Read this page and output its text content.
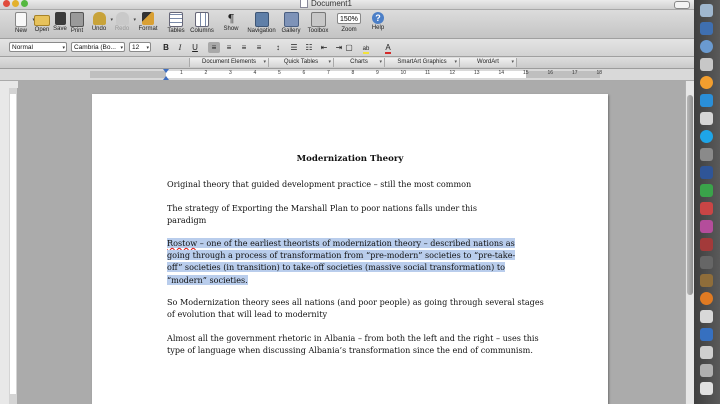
Document1
New	Open Save Print	Undo
▾
Redo
▾
Format Tables Columns
¶
Show	Navigation Gallery	Toolbox
150%
Zoom
?
Help
Normal	▾	Cambria (Bo... ▾	12 ▾	B	I	U	≡	≡	≡	≡	↕	☰ ☷	⇤	⇥ ▢	ab	A
Document Elements ▾	Quick Tables ▾	Charts ▾	SmartArt Graphics ▾	WordArt	▾
1	2	3	4	5	6	7	8	9	10	11	12	13	14	15	16	17	18
Modernization Theory
Original theory that guided development practice – still the most common
The strategy of Exporting the Marshall Plan to poor nations falls under this paradigm
Rostow – one of the earliest theorists of modernization theory – described nations as going through a process of transformation from “pre-modern” societies to “pre-take-off” societies (in transition) to take-off societies (massive social transformation) to “modern” societies.
So Modernization theory sees all nations (and poor people) as going through several stages of evolution that will lead to modernity
Almost all the government rhetoric in Albania – from both the left and the right – uses this type of language when discussing Albania’s transformation since the end of communism.
